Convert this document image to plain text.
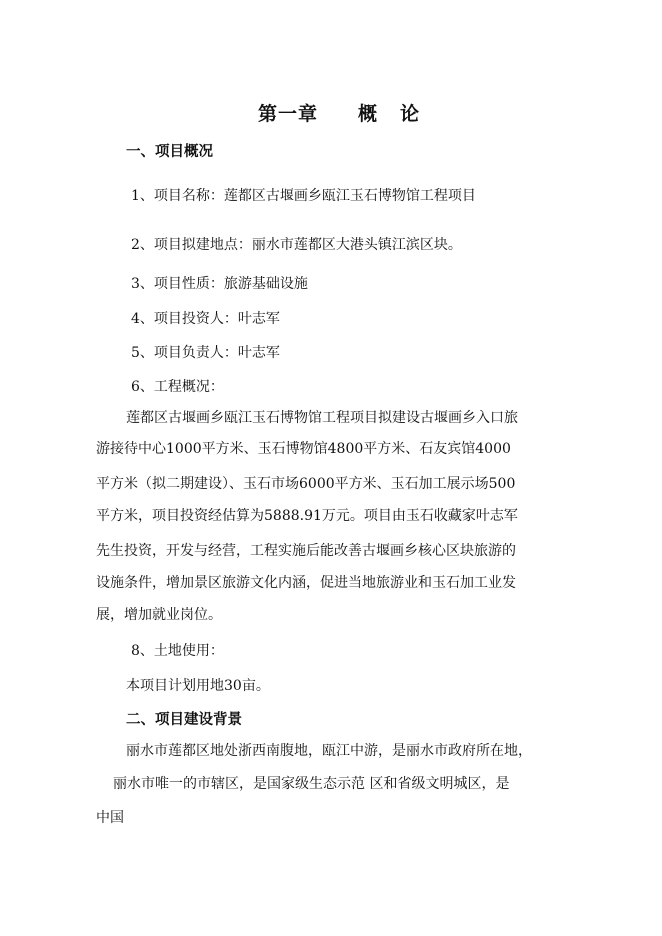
第一章 概 论
一、项目概况
1、项目名称：莲都区古堰画乡瓯江玉石博物馆工程项目
2、项目拟建地点：丽水市莲都区大港头镇江滨区块。
3、项目性质：旅游基础设施
4、项目投资人：叶志军
5、项目负责人：叶志军
6、工程概况：
莲都区古堰画乡瓯江玉石博物馆工程项目拟建设古堰画乡入口旅
游接待中心1000平方米、玉石博物馆4800平方米、石友宾馆4000
平方米（拟二期建设）、玉石市场6000平方米、玉石加工展示场500
平方米，项目投资经估算为5888.91万元。项目由玉石收藏家叶志军
先生投资，开发与经营，工程实施后能改善古堰画乡核心区块旅游的
设施条件，增加景区旅游文化内涵，促进当地旅游业和玉石加工业发
展，增加就业岗位。
8、土地使用：
本项目计划用地30亩。
二、项目建设背景
丽水市莲都区地处浙西南腹地，瓯江中游，是丽水市政府所在地，
丽水市唯一的市辖区，是国家级生态示范 区和省级文明城区，是
中国
